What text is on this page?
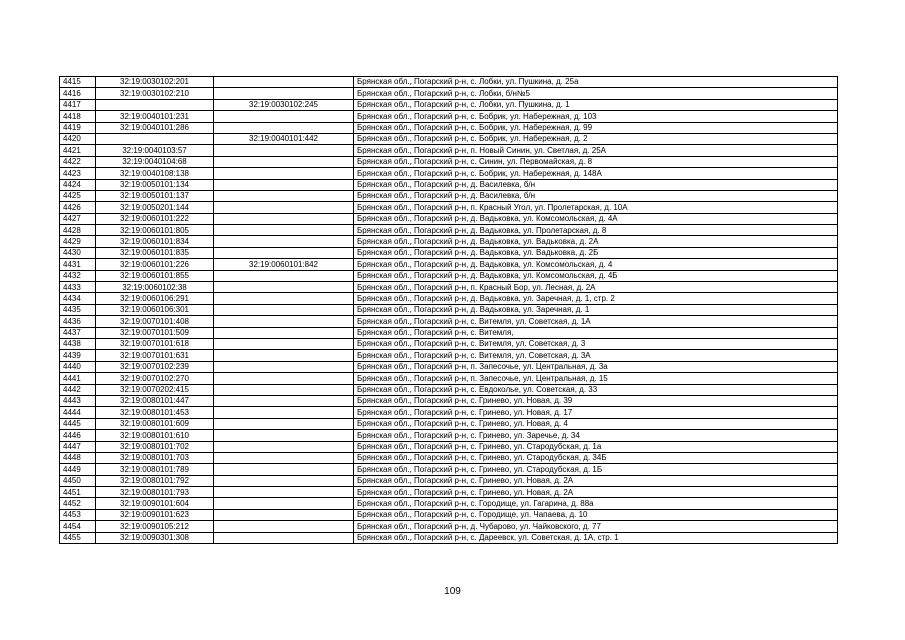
4415	32:19:0030102:201		Брянская обл., Погарский р-н, с. Лобки, ул. Пушкина, д. 25а
4416	32:19:0030102:210		Брянская обл., Погарский р-н, с. Лобки, б/н№5
4417		32:19:0030102:245	Брянская обл., Погарский р-н, с. Лобки, ул. Пушкина, д. 1
4418	32:19:0040101:231		Брянская обл., Погарский р-н, с. Бобрик, ул. Набережная, д. 103
4419	32:19:0040101:286		Брянская обл., Погарский р-н, с. Бобрик, ул. Набережная, д. 99
4420		32:19:0040101:442	Брянская обл., Погарский р-н, с. Бобрик, ул. Набережная, д. 2
4421	32:19:0040103:57		Брянская обл., Погарский р-н, п. Новый Синин, ул. Светлая, д. 25А
4422	32:19:0040104:68		Брянская обл., Погарский р-н, с. Синин, ул. Первомайская, д. 8
4423	32:19:0040108:138		Брянская обл., Погарский р-н, с. Бобрик, ул. Набережная, д. 148А
4424	32:19:0050101:134		Брянская обл., Погарский р-н, д. Василевка, б/н
4425	32:19:0050101:137		Брянская обл., Погарский р-н, д. Василевка, б/н
4426	32:19:0050201:144		Брянская обл., Погарский р-н, п. Красный Угол, ул. Пролетарская, д. 10А
4427	32:19:0060101:222		Брянская обл., Погарский р-н, д. Вадьковка, ул. Комсомольская, д. 4А
4428	32:19:0060101:805		Брянская обл., Погарский р-н, д. Вадьковка, ул. Пролетарская, д. 8
4429	32:19:0060101:834		Брянская обл., Погарский р-н, д. Вадьковка, ул. Вадьковка, д. 2А
4430	32:19:0060101:835		Брянская обл., Погарский р-н, д. Вадьковка, ул. Вадьковка, д. 2Б
4431	32:19:0060101:226	32:19:0060101:842	Брянская обл., Погарский р-н, д. Вадьковка, ул. Комсомольская, д. 4
4432	32:19:0060101:855		Брянская обл., Погарский р-н, д. Вадьковка, ул. Комсомольская, д. 4Б
4433	32:19:0060102:38		Брянская обл., Погарский р-н, п. Красный Бор, ул. Лесная, д. 2А
4434	32:19:0060106:291		Брянская обл., Погарский р-н, д. Вадьковка, ул. Заречная, д. 1, стр. 2
4435	32:19:0060106:301		Брянская обл., Погарский р-н, д. Вадьковка, ул. Заречная, д. 1
4436	32:19:0070101:408		Брянская обл., Погарский р-н, с. Витемля, ул. Советская, д. 1А
4437	32:19:0070101:509		Брянская обл., Погарский р-н, с. Витемля,
4438	32:19:0070101:618		Брянская обл., Погарский р-н, с. Витемля, ул. Советская, д. 3
4439	32:19:0070101:631		Брянская обл., Погарский р-н, с. Витемля, ул. Советская, д. 3А
4440	32:19:0070102:239		Брянская обл., Погарский р-н, п. Запесочье, ул. Центральная, д. 3а
4441	32:19:0070102:270		Брянская обл., Погарский р-н, п. Запесочье, ул. Центральная, д. 15
4442	32:19:0070202:415		Брянская обл., Погарский р-н, с. Евдокольe, ул. Советская, д. 33
4443	32:19:0080101:447		Брянская обл., Погарский р-н, с. Гринево, ул. Новая, д. 39
4444	32:19:0080101:453		Брянская обл., Погарский р-н, с. Гринево, ул. Новая, д. 17
4445	32:19:0080101:609		Брянская обл., Погарский р-н, с. Гринево, ул. Новая, д. 4
4446	32:19:0080101:610		Брянская обл., Погарский р-н, с. Гринево, ул. Заречье, д. 34
4447	32:19:0080101:702		Брянская обл., Погарский р-н, с. Гринево, ул. Стародубская, д. 1а
4448	32:19:0080101:703		Брянская обл., Погарский р-н, с. Гринево, ул. Стародубская, д. 34Б
4449	32:19:0080101:789		Брянская обл., Погарский р-н, с. Гринево, ул. Стародубская, д. 1Б
4450	32:19:0080101:792		Брянская обл., Погарский р-н, с. Гринево, ул. Новая, д. 2А
4451	32:19:0080101:793		Брянская обл., Погарский р-н, с. Гринево, ул. Новая, д. 2А
4452	32:19:0090101:604		Брянская обл., Погарский р-н, с. Городище, ул. Гагарина, д. 88а
4453	32:19:0090101:623		Брянская обл., Погарский р-н, с. Городище, ул. Чапаева, д. 10
4454	32:19:0090105:212		Брянская обл., Погарский р-н, д. Чубарово, ул. Чайковского, д. 77
4455	32:19:0090301:308		Брянская обл., Погарский р-н, с. Дареевск, ул. Советская, д. 1А, стр. 1
109
